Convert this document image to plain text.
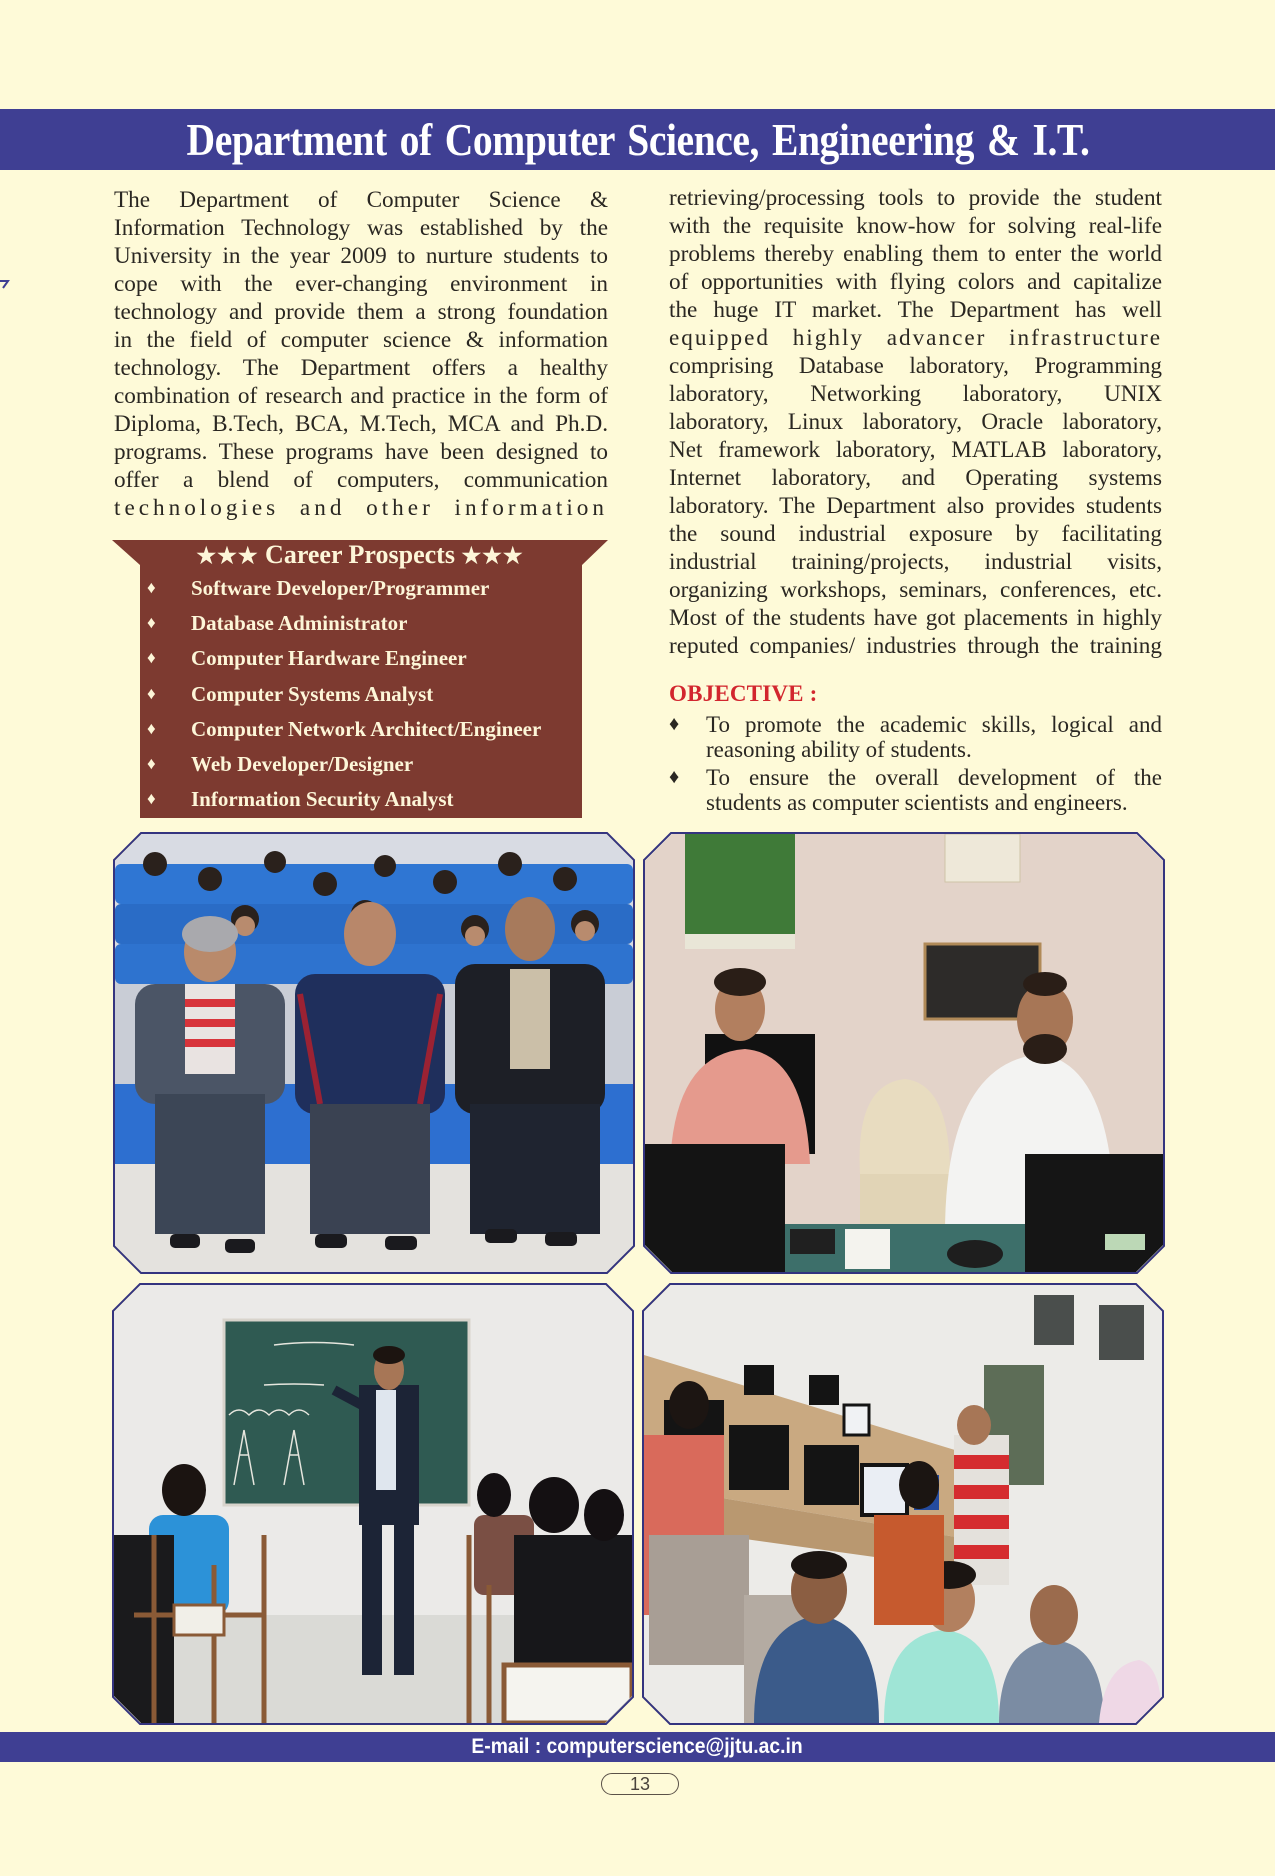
Department of Computer Science, Engineering & I.T.
The Department of Computer Science &
Information Technology was established by the
University in the year 2009 to nurture students to
cope with the ever-changing environment in
technology and provide them a strong foundation
in the field of computer science & information
technology. The Department offers a healthy
combination of research and practice in the form of
Diploma, B.Tech, BCA, M.Tech, MCA and Ph.D.
programs. These programs have been designed to
offer a blend of computers, communication
technologies and other information
retrieving/processing tools to provide the student
with the requisite know-how for solving real-life
problems thereby enabling them to enter the world
of opportunities with flying colors and capitalize
the huge IT market. The Department has well
equipped highly advancer infrastructure
comprising Database laboratory, Programming
laboratory, Networking laboratory, UNIX
laboratory, Linux laboratory, Oracle laboratory,
Net framework laboratory, MATLAB laboratory,
Internet laboratory, and Operating systems
laboratory. The Department also provides students
the sound industrial exposure by facilitating
industrial training/projects, industrial visits,
organizing workshops, seminars, conferences, etc.
Most of the students have got placements in highly
reputed companies/ industries through the training
★★★ Career Prospects ★★★
♦	Software Developer/Programmer
♦	Database Administrator
♦	Computer Hardware Engineer
♦	Computer Systems Analyst
♦	Computer Network Architect/Engineer
♦	Web Developer/Designer
♦	Information Security Analyst
OBJECTIVE :
♦ To promote the academic skills, logical and reasoning ability of students.
♦ To ensure the overall development of the students as computer scientists and engineers.
E-mail : computerscience@jjtu.ac.in
13
